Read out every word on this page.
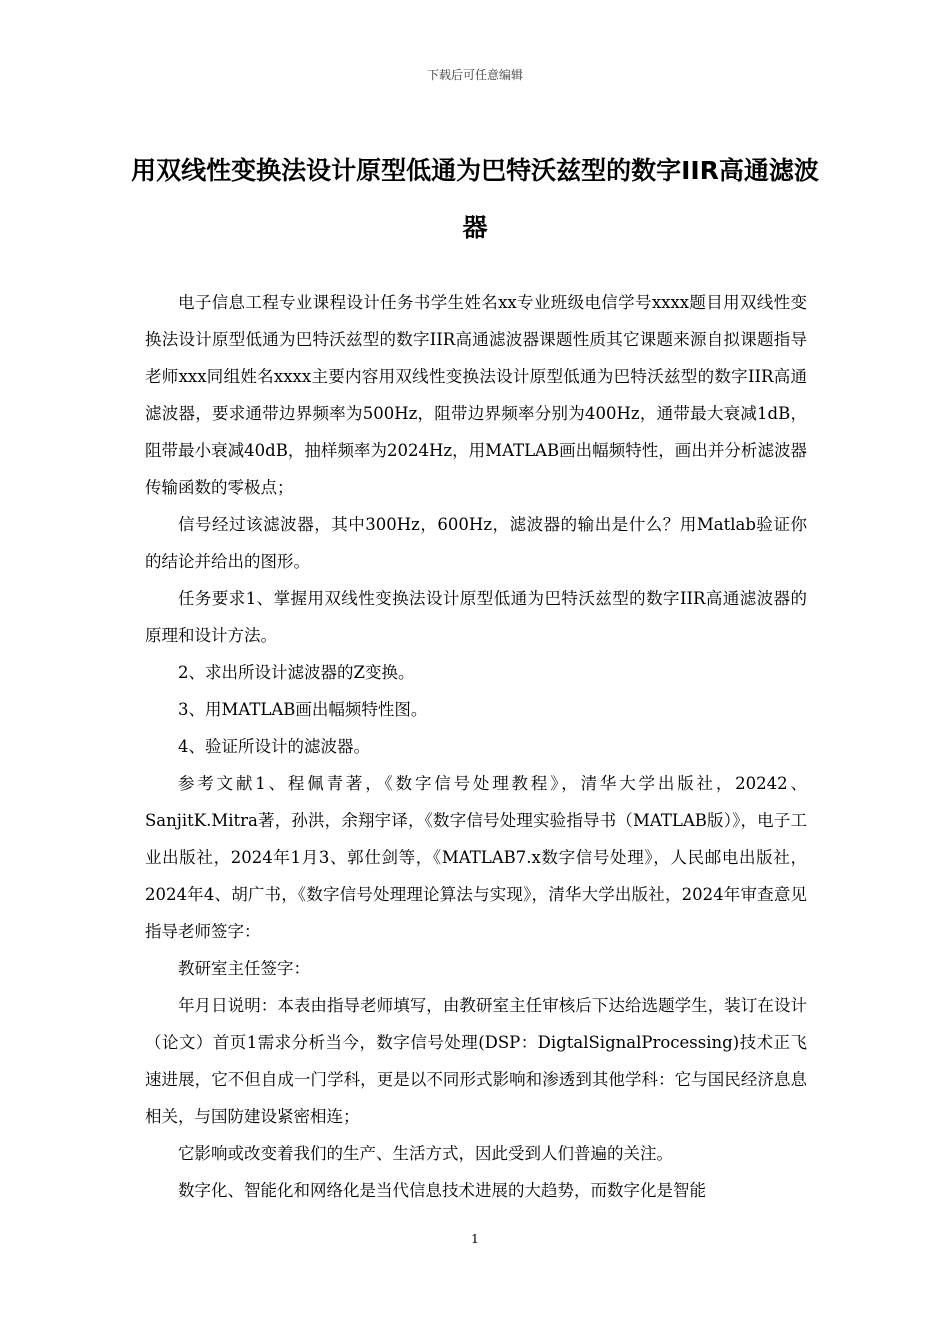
下载后可任意编辑
用双线性变换法设计原型低通为巴特沃兹型的数字IIR高通滤波器

电子信息工程专业课程设计任务书学生姓名xx专业班级电信学号xxxx题目用双线性变换法设计原型低通为巴特沃兹型的数字IIR高通滤波器课题性质其它课题来源自拟课题指导老师xxx同组姓名xxxx主要内容用双线性变换法设计原型低通为巴特沃兹型的数字IIR高通滤波器，要求通带边界频率为500Hz，阻带边界频率分别为400Hz，通带最大衰减1dB，阻带最小衰减40dB，抽样频率为2024Hz，用MATLAB画出幅频特性，画出并分析滤波器传输函数的零极点；

信号经过该滤波器，其中300Hz，600Hz，滤波器的输出是什么？用Matlab验证你的结论并给出的图形。

任务要求1、掌握用双线性变换法设计原型低通为巴特沃兹型的数字IIR高通滤波器的原理和设计方法。

2、求出所设计滤波器的Z变换。

3、用MATLAB画出幅频特性图。

4、验证所设计的滤波器。

参考文献1、程佩青著，《数字信号处理教程》，清华大学出版社，20242、SanjitK.Mitra著，孙洪，余翔宇译，《数字信号处理实验指导书（MATLAB版）》，电子工业出版社，2024年1月3、郭仕剑等，《MATLAB7.x数字信号处理》，人民邮电出版社，2024年4、胡广书，《数字信号处理理论算法与实现》，清华大学出版社，2024年审查意见指导老师签字：

教研室主任签字：

年月日说明：本表由指导老师填写，由教研室主任审核后下达给选题学生，装订在设计（论文）首页1需求分析当今，数字信号处理(DSP：DigtalSignalProcessing)技术正飞速进展，它不但自成一门学科，更是以不同形式影响和渗透到其他学科：它与国民经济息息相关，与国防建设紧密相连；

它影响或改变着我们的生产、生活方式，因此受到人们普遍的关注。

数字化、智能化和网络化是当代信息技术进展的大趋势，而数字化是智能

1
